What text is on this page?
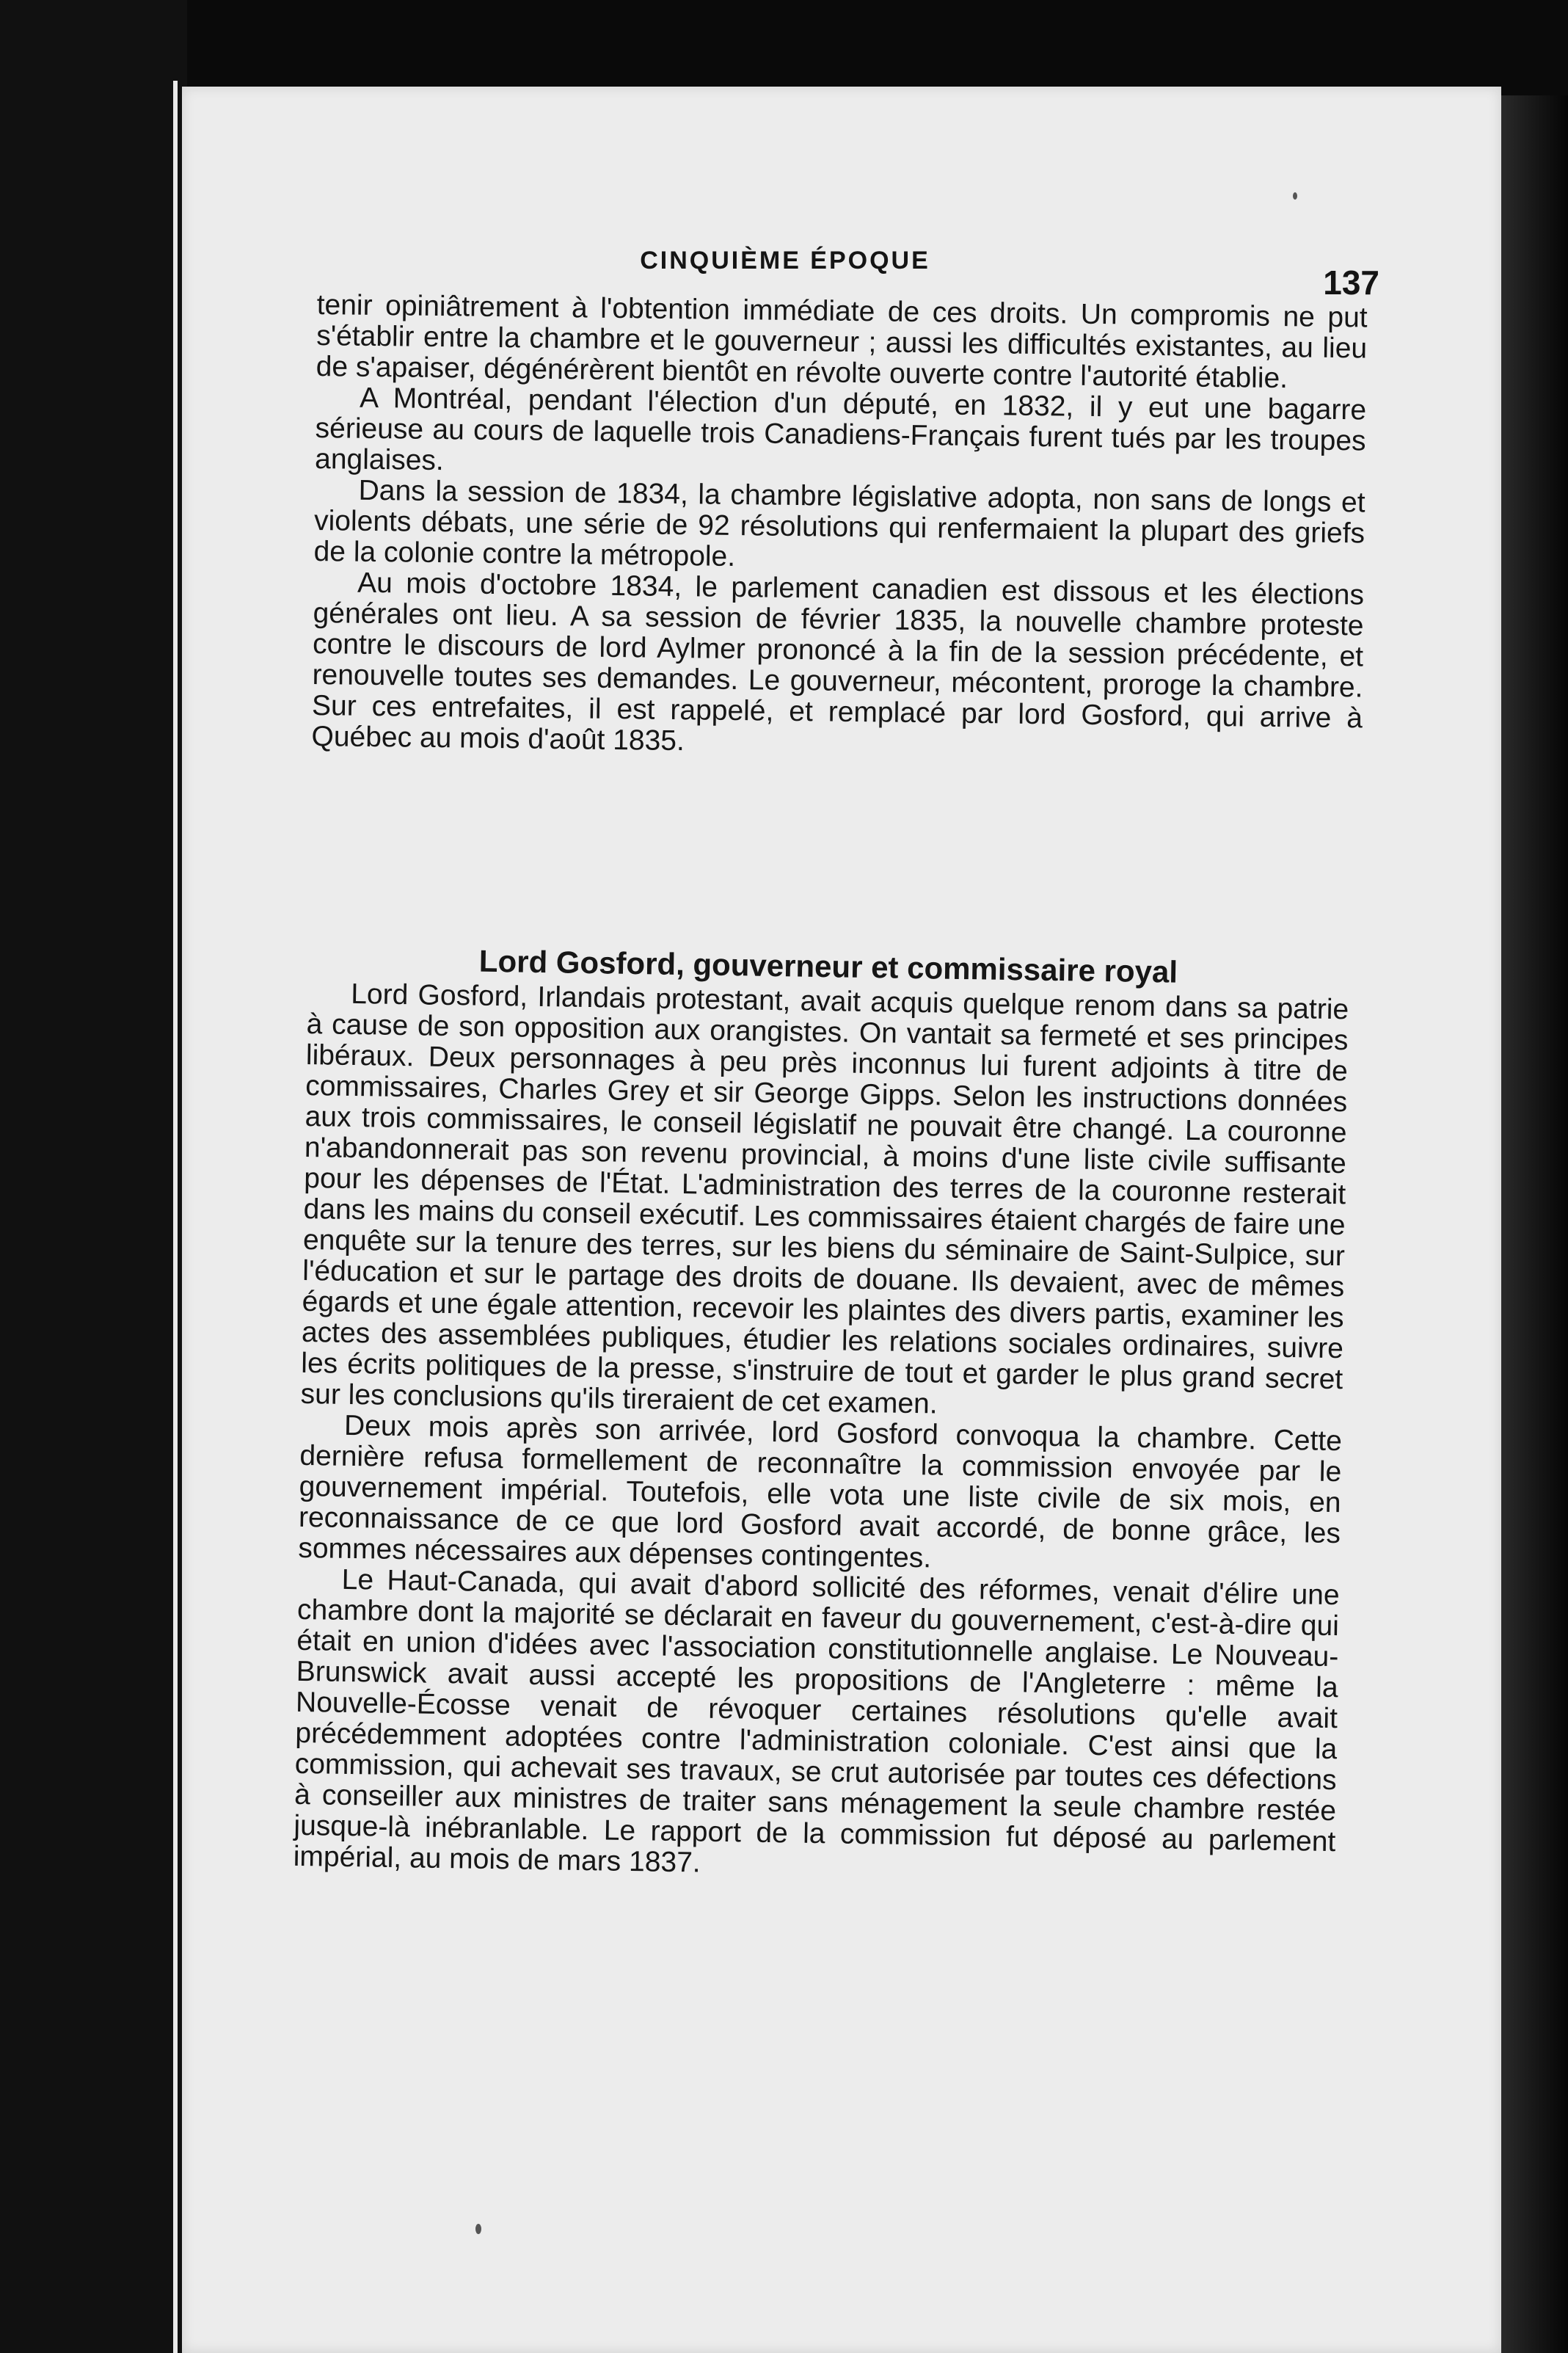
CINQUIÈME ÉPOQUE
137

tenir opiniâtrement à l'obtention immédiate de ces droits. Un compromis ne put s'établir entre la chambre et le gouverneur ; aussi les difficultés existantes, au lieu de s'apaiser, dégénérèrent bientôt en révolte ouverte contre l'autorité établie.

A Montréal, pendant l'élection d'un député, en 1832, il y eut une bagarre sérieuse au cours de laquelle trois Canadiens-Français furent tués par les troupes anglaises.

Dans la session de 1834, la chambre législative adopta, non sans de longs et violents débats, une série de 92 résolutions qui renfermaient la plupart des griefs de la colonie contre la métropole.

Au mois d'octobre 1834, le parlement canadien est dissous et les élections générales ont lieu. A sa session de février 1835, la nouvelle chambre proteste contre le discours de lord Aylmer prononcé à la fin de la session précédente, et renouvelle toutes ses demandes. Le gouverneur, mécontent, proroge la chambre. Sur ces entrefaites, il est rappelé, et remplacé par lord Gosford, qui arrive à Québec au mois d'août 1835.

Lord Gosford, gouverneur et commissaire royal

Lord Gosford, Irlandais protestant, avait acquis quelque renom dans sa patrie à cause de son opposition aux orangistes. On vantait sa fermeté et ses principes libéraux. Deux personnages à peu près inconnus lui furent adjoints à titre de commissaires, Charles Grey et sir George Gipps. Selon les instructions données aux trois commissaires, le conseil législatif ne pouvait être changé. La couronne n'abandonnerait pas son revenu provincial, à moins d'une liste civile suffisante pour les dépenses de l'État. L'administration des terres de la couronne resterait dans les mains du conseil exécutif. Les commissaires étaient chargés de faire une enquête sur la tenure des terres, sur les biens du séminaire de Saint-Sulpice, sur l'éducation et sur le partage des droits de douane. Ils devaient, avec de mêmes égards et une égale attention, recevoir les plaintes des divers partis, examiner les actes des assemblées publiques, étudier les relations sociales ordinaires, suivre les écrits politiques de la presse, s'instruire de tout et garder le plus grand secret sur les conclusions qu'ils tireraient de cet examen.

Deux mois après son arrivée, lord Gosford convoqua la chambre. Cette dernière refusa formellement de reconnaître la commission envoyée par le gouvernement impérial. Toutefois, elle vota une liste civile de six mois, en reconnaissance de ce que lord Gosford avait accordé, de bonne grâce, les sommes nécessaires aux dépenses contingentes.

Le Haut-Canada, qui avait d'abord sollicité des réformes, venait d'élire une chambre dont la majorité se déclarait en faveur du gouvernement, c'est-à-dire qui était en union d'idées avec l'association constitutionnelle anglaise. Le Nouveau-Brunswick avait aussi accepté les propositions de l'Angleterre : même la Nouvelle-Écosse venait de révoquer certaines résolutions qu'elle avait précédemment adoptées contre l'administration coloniale. C'est ainsi que la commission, qui achevait ses travaux, se crut autorisée par toutes ces défections à conseiller aux ministres de traiter sans ménagement la seule chambre restée jusque-là inébranlable. Le rapport de la commission fut déposé au parlement impérial, au mois de mars 1837.
